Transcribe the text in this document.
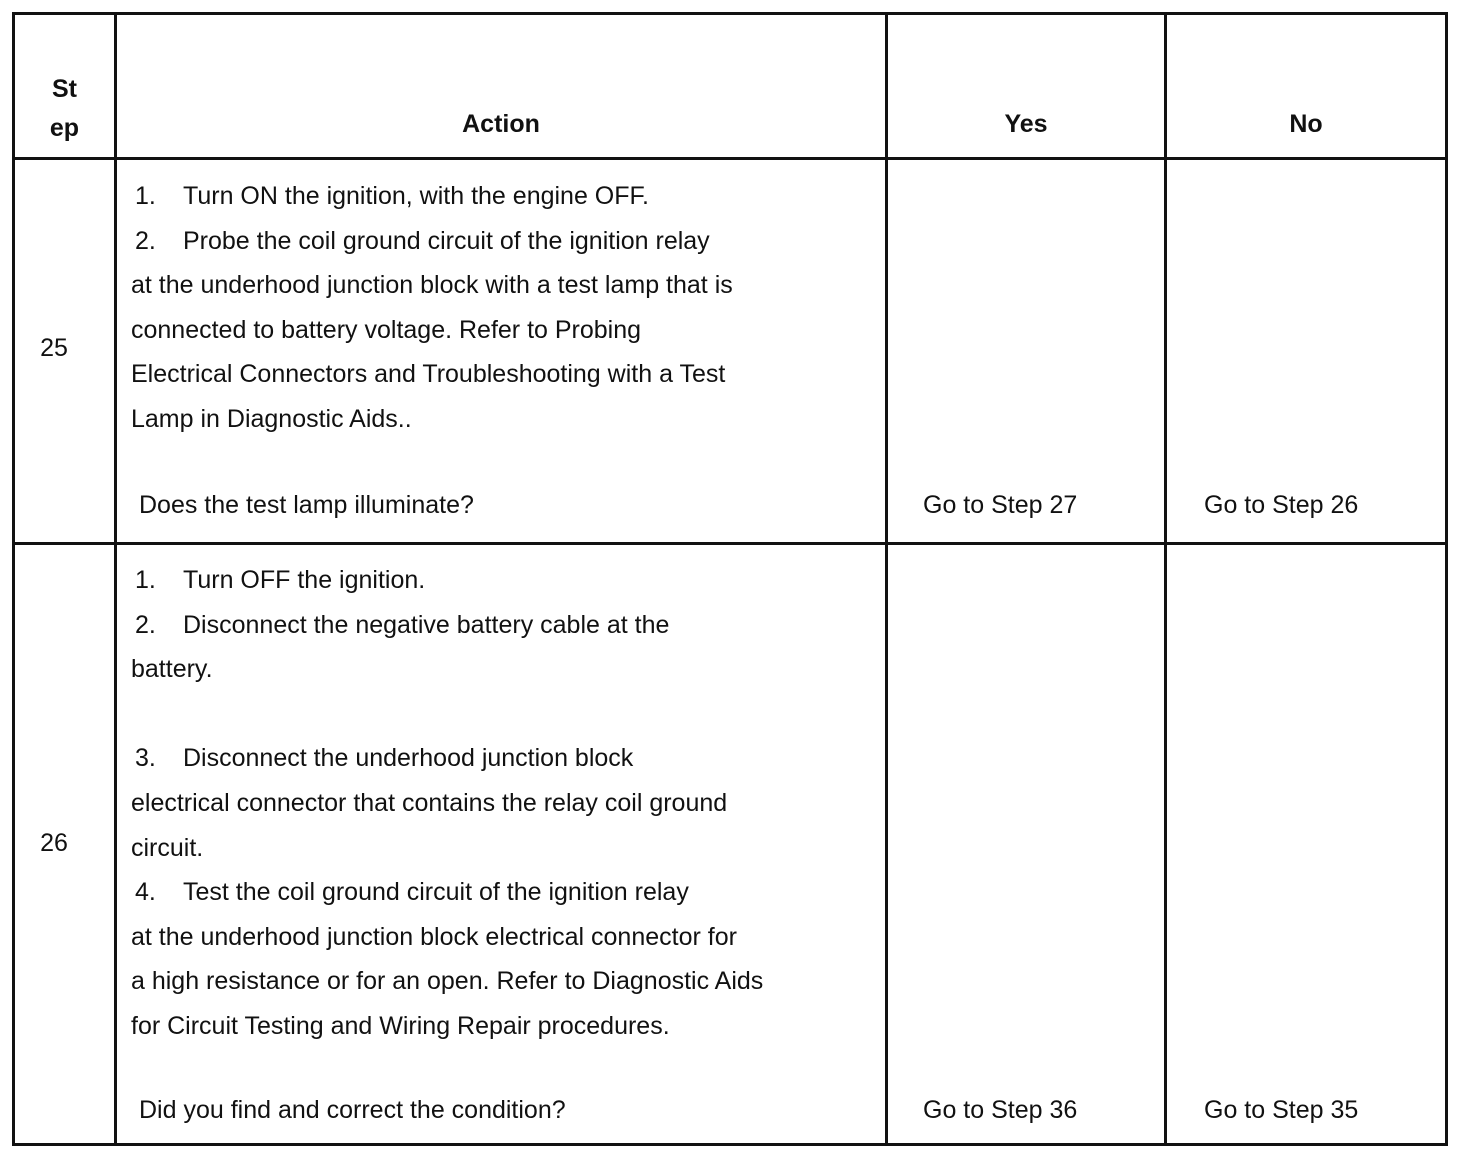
St
ep	Action	Yes	No
25
1. Turn ON the ignition, with the engine OFF.
2. Probe the coil ground circuit of the ignition relay
at the underhood junction block with a test lamp that is
connected to battery voltage. Refer to Probing
Electrical Connectors and Troubleshooting with a Test
Lamp in Diagnostic Aids..
Does the test lamp illuminate?	Go to Step 27	Go to Step 26
26
1. Turn OFF the ignition.
2. Disconnect the negative battery cable at the
battery.

3. Disconnect the underhood junction block
electrical connector that contains the relay coil ground
circuit.
4. Test the coil ground circuit of the ignition relay
at the underhood junction block electrical connector for
a high resistance or for an open. Refer to Diagnostic Aids
for Circuit Testing and Wiring Repair procedures.
Did you find and correct the condition?	Go to Step 36	Go to Step 35
